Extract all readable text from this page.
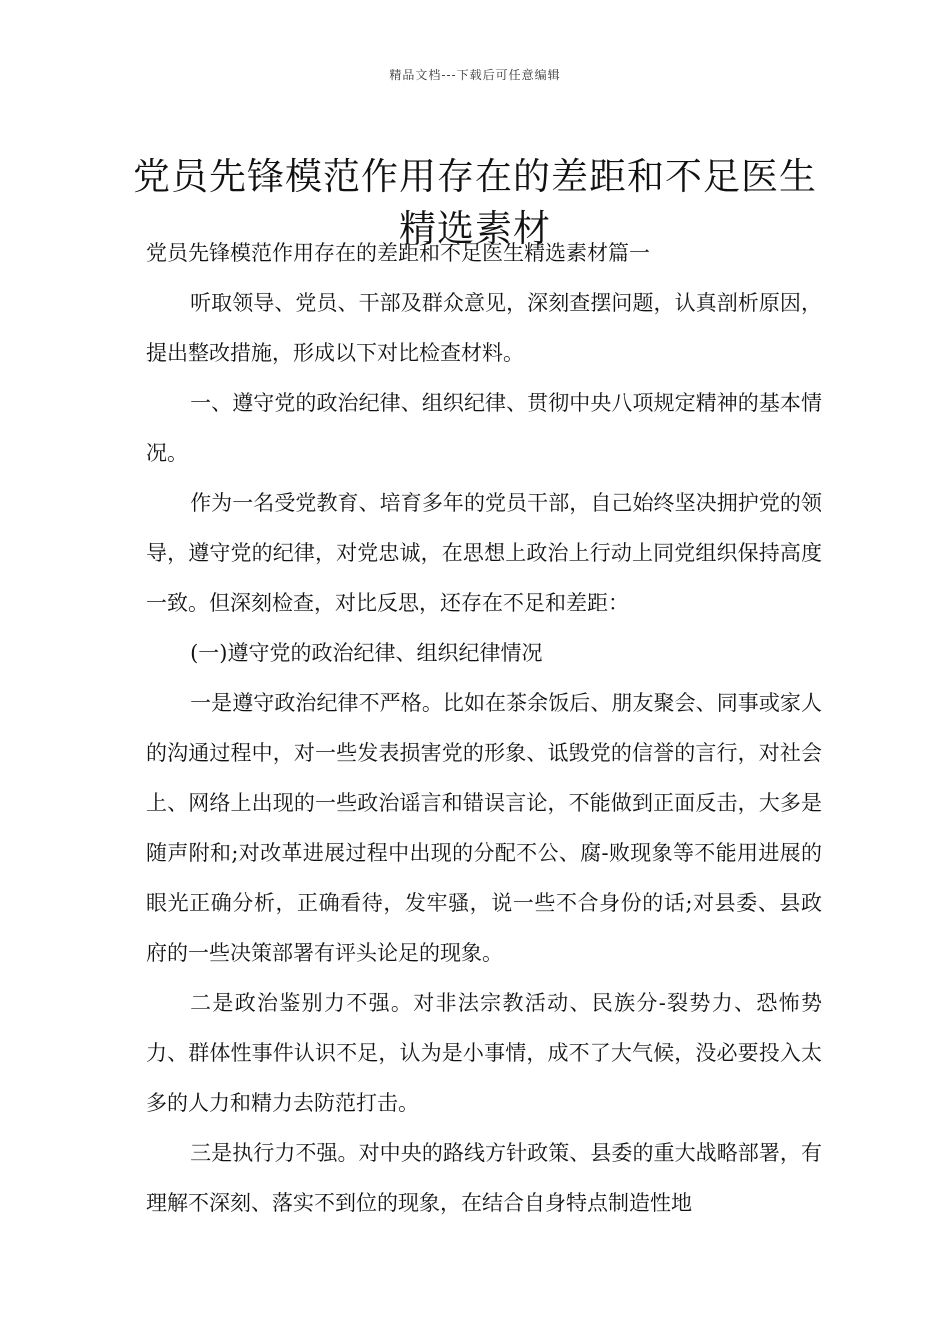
精品文档---下载后可任意编辑
党员先锋模范作用存在的差距和不足医生精选素材

党员先锋模范作用存在的差距和不足医生精选素材篇一

听取领导、党员、干部及群众意见，深刻查摆问题，认真剖析原因，提出整改措施，形成以下对比检查材料。

一、遵守党的政治纪律、组织纪律、贯彻中央八项规定精神的基本情况。

作为一名受党教育、培育多年的党员干部，自己始终坚决拥护党的领导，遵守党的纪律，对党忠诚，在思想上政治上行动上同党组织保持高度一致。但深刻检查，对比反思，还存在不足和差距：

(一)遵守党的政治纪律、组织纪律情况

一是遵守政治纪律不严格。比如在茶余饭后、朋友聚会、同事或家人的沟通过程中，对一些发表损害党的形象、诋毁党的信誉的言行，对社会上、网络上出现的一些政治谣言和错误言论，不能做到正面反击，大多是随声附和;对改革进展过程中出现的分配不公、腐-败现象等不能用进展的眼光正确分析，正确看待，发牢骚，说一些不合身份的话;对县委、县政府的一些决策部署有评头论足的现象。

二是政治鉴别力不强。对非法宗教活动、民族分-裂势力、恐怖势力、群体性事件认识不足，认为是小事情，成不了大气候，没必要投入太多的人力和精力去防范打击。

三是执行力不强。对中央的路线方针政策、县委的重大战略部署，有理解不深刻、落实不到位的现象，在结合自身特点制造性地
